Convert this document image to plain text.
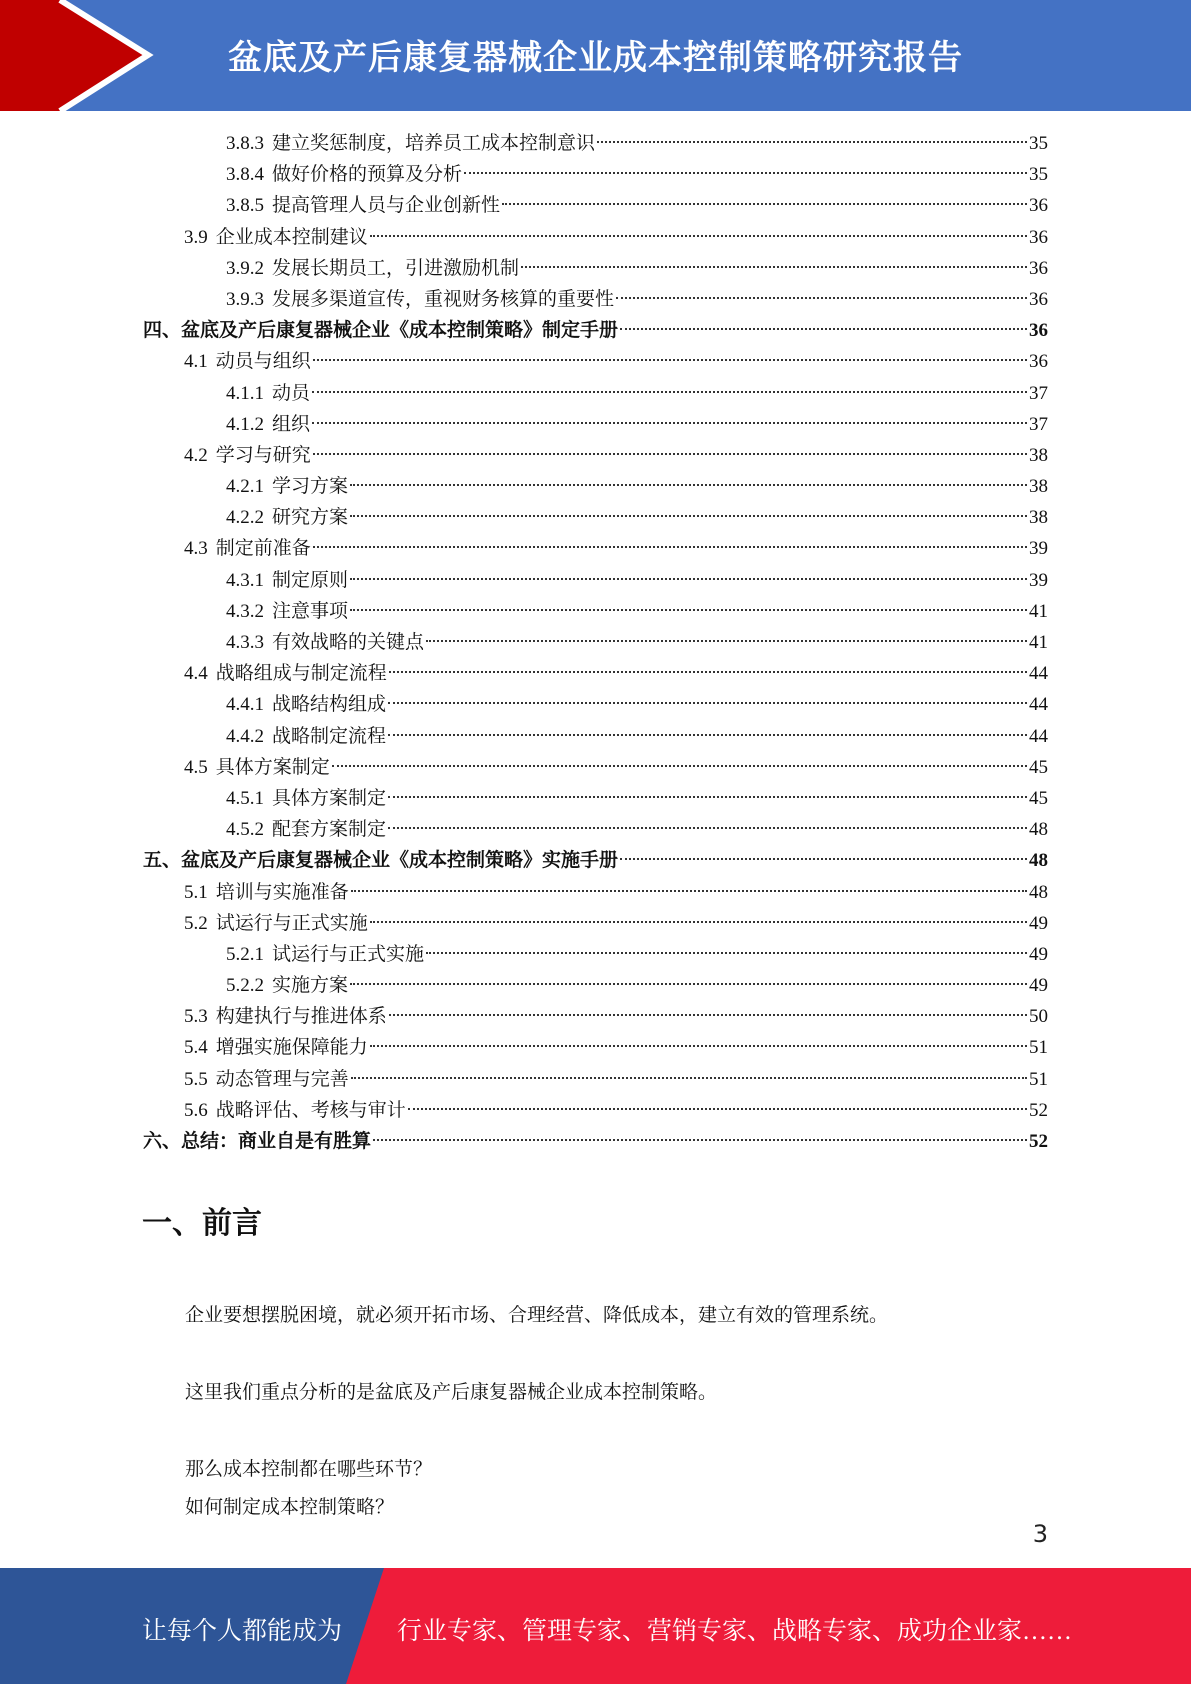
盆底及产后康复器械企业成本控制策略研究报告
3.8.3 建立奖惩制度，培养员工成本控制意识	35
3.8.4 做好价格的预算及分析	35
3.8.5 提高管理人员与企业创新性	36
3.9 企业成本控制建议	36
3.9.2 发展长期员工，引进激励机制	36
3.9.3 发展多渠道宣传，重视财务核算的重要性	36
四、盆底及产后康复器械企业《成本控制策略》制定手册	36
4.1 动员与组织	36
4.1.1 动员	37
4.1.2 组织	37
4.2 学习与研究	38
4.2.1 学习方案	38
4.2.2 研究方案	38
4.3 制定前准备	39
4.3.1 制定原则	39
4.3.2 注意事项	41
4.3.3 有效战略的关键点	41
4.4 战略组成与制定流程	44
4.4.1 战略结构组成	44
4.4.2 战略制定流程	44
4.5 具体方案制定	45
4.5.1 具体方案制定	45
4.5.2 配套方案制定	48
五、盆底及产后康复器械企业《成本控制策略》实施手册	48
5.1 培训与实施准备	48
5.2 试运行与正式实施	49
5.2.1 试运行与正式实施	49
5.2.2 实施方案	49
5.3 构建执行与推进体系	50
5.4 增强实施保障能力	51
5.5 动态管理与完善	51
5.6 战略评估、考核与审计	52
六、总结：商业自是有胜算	52
一、前言
企业要想摆脱困境，就必须开拓市场、合理经营、降低成本，建立有效的管理系统。
这里我们重点分析的是盆底及产后康复器械企业成本控制策略。
那么成本控制都在哪些环节？
如何制定成本控制策略？
3
让每个人都能成为 行业专家、管理专家、营销专家、战略专家、成功企业家……
